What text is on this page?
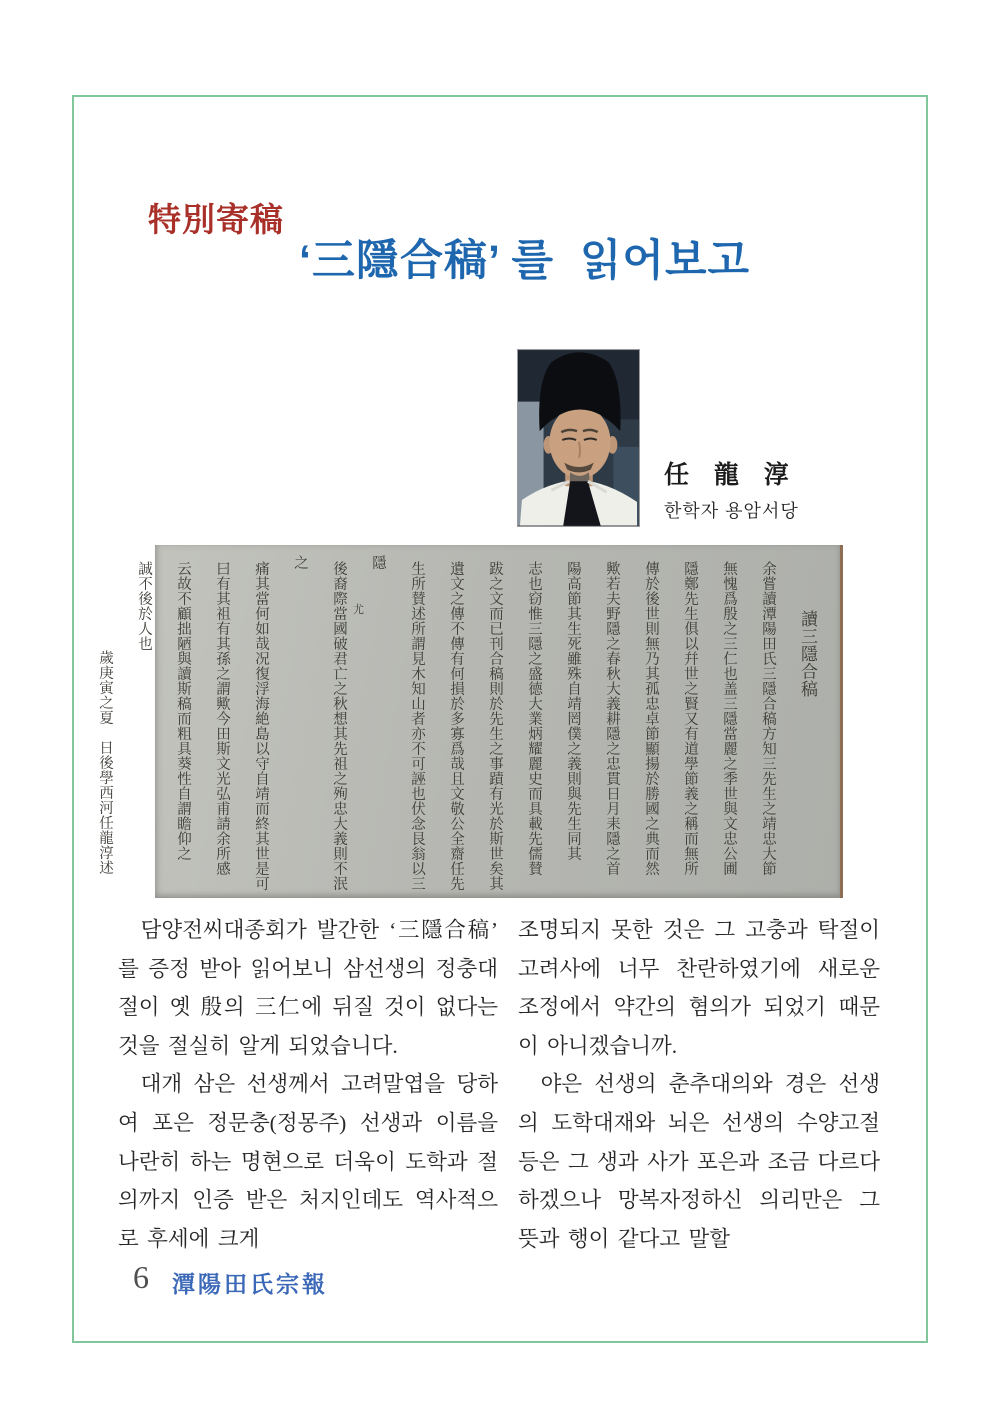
特別寄稿
‘三隱合稿’ 를  읽어보고
任 龍 淳
한학자 용암서당
讀三隱合稿
余嘗讀潭陽田氏三隱合稿方知三先生之靖忠大節
無愧爲殷之三仁也盖三隱當麗之季世與文忠公圃
隱鄭先生俱以幷世之賢又有道學節義之稱而無所
傳於後世則無乃其孤忠卓節顯揚於勝國之典而然
歟若夫野隱之春秋大義耕隱之忠貫日月耒隱之首
陽高節其生死雖殊自靖罔僕之義則與先生同其
志也窃惟三隱之盛德大業炳耀麗史而具載先儒賛
跋之文而已刊合稿則於先生之事蹟有光於斯世矣其
遺文之傳不傳有何損於多寡爲哉且文敬公全齋任先
生所賛述所謂見木知山者亦不可誣也伏念艮翁以三隱
後裔際當國破君亡之秋想其先祖之殉忠大義則不泯之
痛其當何如哉况復浮海絶島以守自靖而終其世是可
曰有其祖有其孫之謂歟今田斯文光弘甫請余所感
云故不顧拙陋與讀斯稿而粗具葵性自謂瞻仰之
誠不後於人也
歲庚寅之夏　日後學西河任龍淳述
尤

담양전씨대종회가 발간한 ‘三隱合稿’ 를 증정 받아 읽어보니 삼선생의 정충대절이 옛 殷의 三仁에 뒤질 것이 없다는 것을 절실히 알게 되었습니다.

대개 삼은 선생께서 고려말엽을 당하여 포은 정문충(정몽주) 선생과 이름을 나란히 하는 명현으로 더욱이 도학과 절의까지 인증 받은 처지인데도 역사적으로 후세에 크게

조명되지 못한 것은 그 고충과 탁절이 고려사에 너무 찬란하였기에 새로운 조정에서 약간의 혐의가 되었기 때문이 아니겠습니까.

야은 선생의 춘추대의와 경은 선생의 도학대재와 뇌은 선생의 수양고절 등은 그 생과 사가 포은과 조금 다르다 하겠으나 망복자정하신 의리만은 그 뜻과 행이 같다고 말할

6 潭陽田氏宗報
